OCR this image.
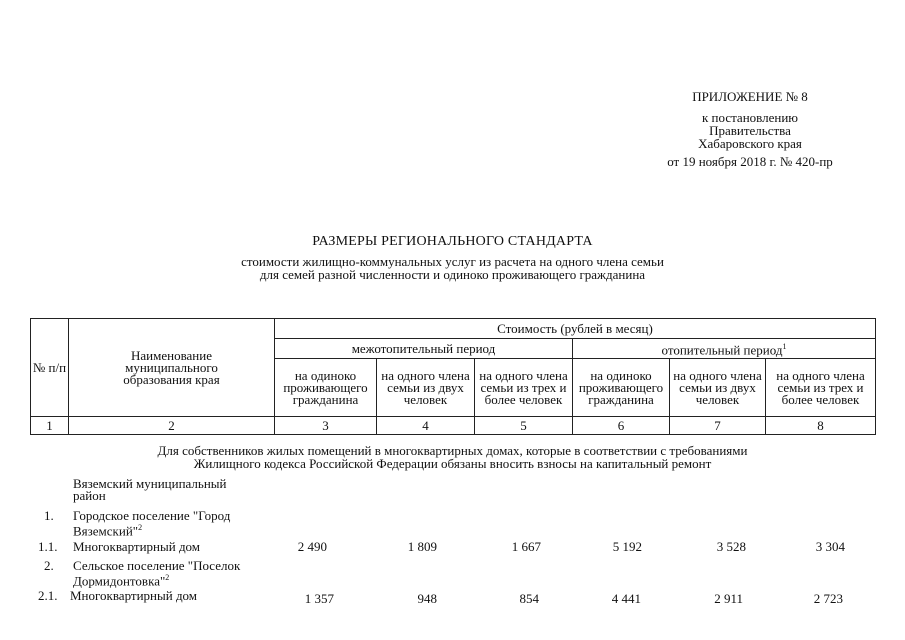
ПРИЛОЖЕНИЕ № 8
к постановлению
Правительства
Хабаровского края
от 19 ноября 2018 г. № 420-пр
РАЗМЕРЫ РЕГИОНАЛЬНОГО СТАНДАРТА
стоимости жилищно-коммунальных услуг из расчета на одного члена семьи
для семей разной численности и одиноко проживающего гражданина
№ п/п	Наименование муниципального образования края	Стоимость (рублей в месяц)					
		межотопительный период			отопительный период$^1$
		на одиноко проживающего гражданина	на одного члена семьи из двух человек	на одного члена семьи из трех и более человек	на одиноко проживающего гражданина	на одного члена семьи из двух человек	на одного члена семьи из трех и более человек
1	2	3	4	5	6	7	8
Для собственников жилых помещений в многоквартирных домах, которые в соответствии с требованиями
Жилищного кодекса Российской Федерации обязаны вносить взносы на капитальный ремонт
Вяземский муниципальный
район
1. Городское поселение "Город
Вяземский"$^2$
1.1. Многоквартирный дом	2 490	1 809	1 667	5 192	3 528	3 304
2. Сельское поселение "Поселок
Дормидонтовка"$^2$
2.1. Многоквартирный дом	1 357	948	854	4 441	2 911	2 723
